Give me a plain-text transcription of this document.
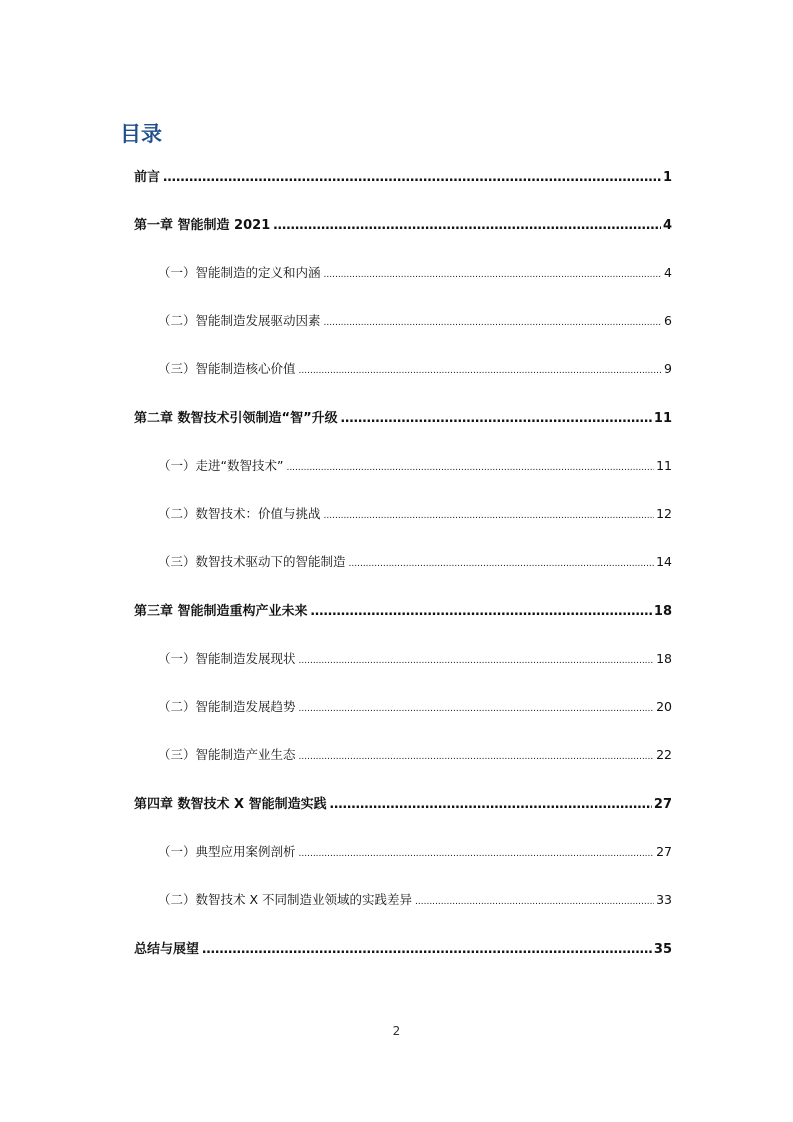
目录
前言 ………………………………………………………………………………………………………………………………………………………………	1
第一章 智能制造 2021 ………………………………………………………………………………………………………………………………………………………………	4
（一）智能制造的定义和内涵 .....	4
（二）智能制造发展驱动因素 .....	6
（三）智能制造核心价值 .....	9
第二章 数智技术引领制造“智”升级 ………………………………………………………………………………………………………………………………………………………………	11
（一）走进“数智技术” .....	11
（二）数智技术：价值与挑战 .....	12
（三）数智技术驱动下的智能制造 .....	14
第三章 智能制造重构产业未来 ………………………………………………………………………………………………………………………………………………………………	18
（一）智能制造发展现状 .....	18
（二）智能制造发展趋势 .....	20
（三）智能制造产业生态 .....	22
第四章 数智技术 X 智能制造实践 ………………………………………………………………………………………………………………………………………………………………	27
（一）典型应用案例剖析 .....	27
（二）数智技术 X 不同制造业领域的实践差异 .....	33
总结与展望 ………………………………………………………………………………………………………………………………………………………………	35
2
